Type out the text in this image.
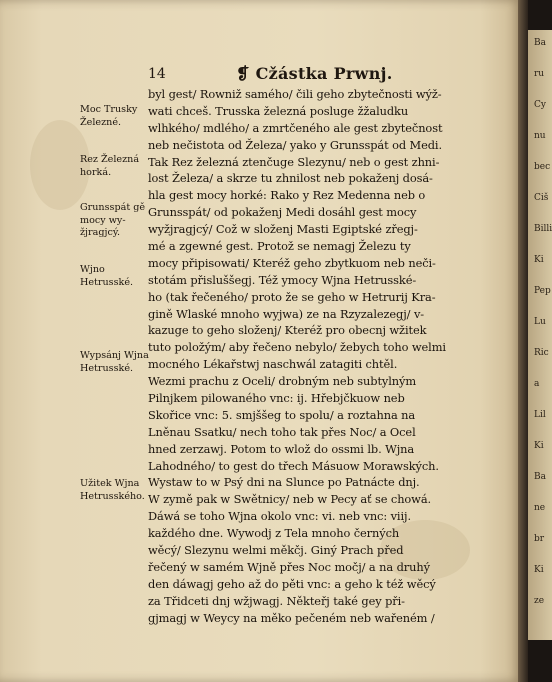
14	❡ Cžástka Prwnj.
Moc Trusky Železné.
Rez Železná horká.
Grunsspát gě mocy wy-žjragjcý.
Wjno Hetrusské.
Wypsánj Wjna Hetrusské.
Užitek Wjna Hetrusského.
byl gest/ Rowniž samého/ čili geho zbytečnosti wýž-
wati chceš. Trusska železná posluge žžaludku
wlhkého/ mdlého/ a zmrtčeného ale gest zbytečnost
neb nečistota od Železa/ yako y Grunsspát od Medi.
Tak Rez železná ztenčuge Slezynu/ neb o gest zhni-
lost Železa/ a skrze tu zhnilost neb pokaženj dosá-
hla gest mocy horké: Rako y Rez Medenna neb o
Grunsspát/ od pokaženj Medi dosáhl gest mocy
wyžjragjcý/ Což w složenj Masti Egiptské zřegj-
mé a zgewné gest. Protož se nemagj Železu ty
mocy připisowati/ Kteréž geho zbytkuom neb neči-
stotám přisluššegj. Též ymocy Wjna Hetrusské-
ho (tak řečeného/ proto že se geho w Hetrurij Kra-
gině Wlaské mnoho wyjwa) ze na Rzyzalezegj/ v-
kazuge to geho složenj/ Kteréž pro obecnj wžitek
tuto položým/ aby řečeno nebylo/ žebych toho welmi
mocného Lékařstwj naschwál zatagiti chtěl.
Wezmi prachu z Oceli/ drobným neb subtylným
Pilnjkem pilowaného vnc: ij. Hřebjčkuow neb
Skořice vnc: 5. smjššeg to spolu/ a roztahna na
Lněnau Ssatku/ nech toho tak přes Noc/ a Ocel
hned zerzawj. Potom to wlož do ossmi lb. Wjna
Lahodného/ to gest do třech Másuow Morawských.
Wystaw to w Psý dni na Slunce po Patnácte dnj.
W zymě pak w Swětnicy/ neb w Pecy ať se chowá.
Dáwá se toho Wjna okolo vnc: vi. neb vnc: viij.
každého dne. Wywodj z Tela mnoho černých
wěcý/ Slezynu welmi měkčj. Giný Prach před
řečený w samém Wjně přes Noc močj/ a na druhý
den dáwagj geho až do pěti vnc: a geho k též wěcý
za Třidceti dnj wžjwagj. Někteřj také gey při-
gjmagj w Weycy na měko pečeném neb wařeném /
Ba
ru
Cy
nu
bec
Ciš
Billi
Ki
Pep
Lu
Ric
a
Lil
Ki
Ba
ne
br
Ki
ze
